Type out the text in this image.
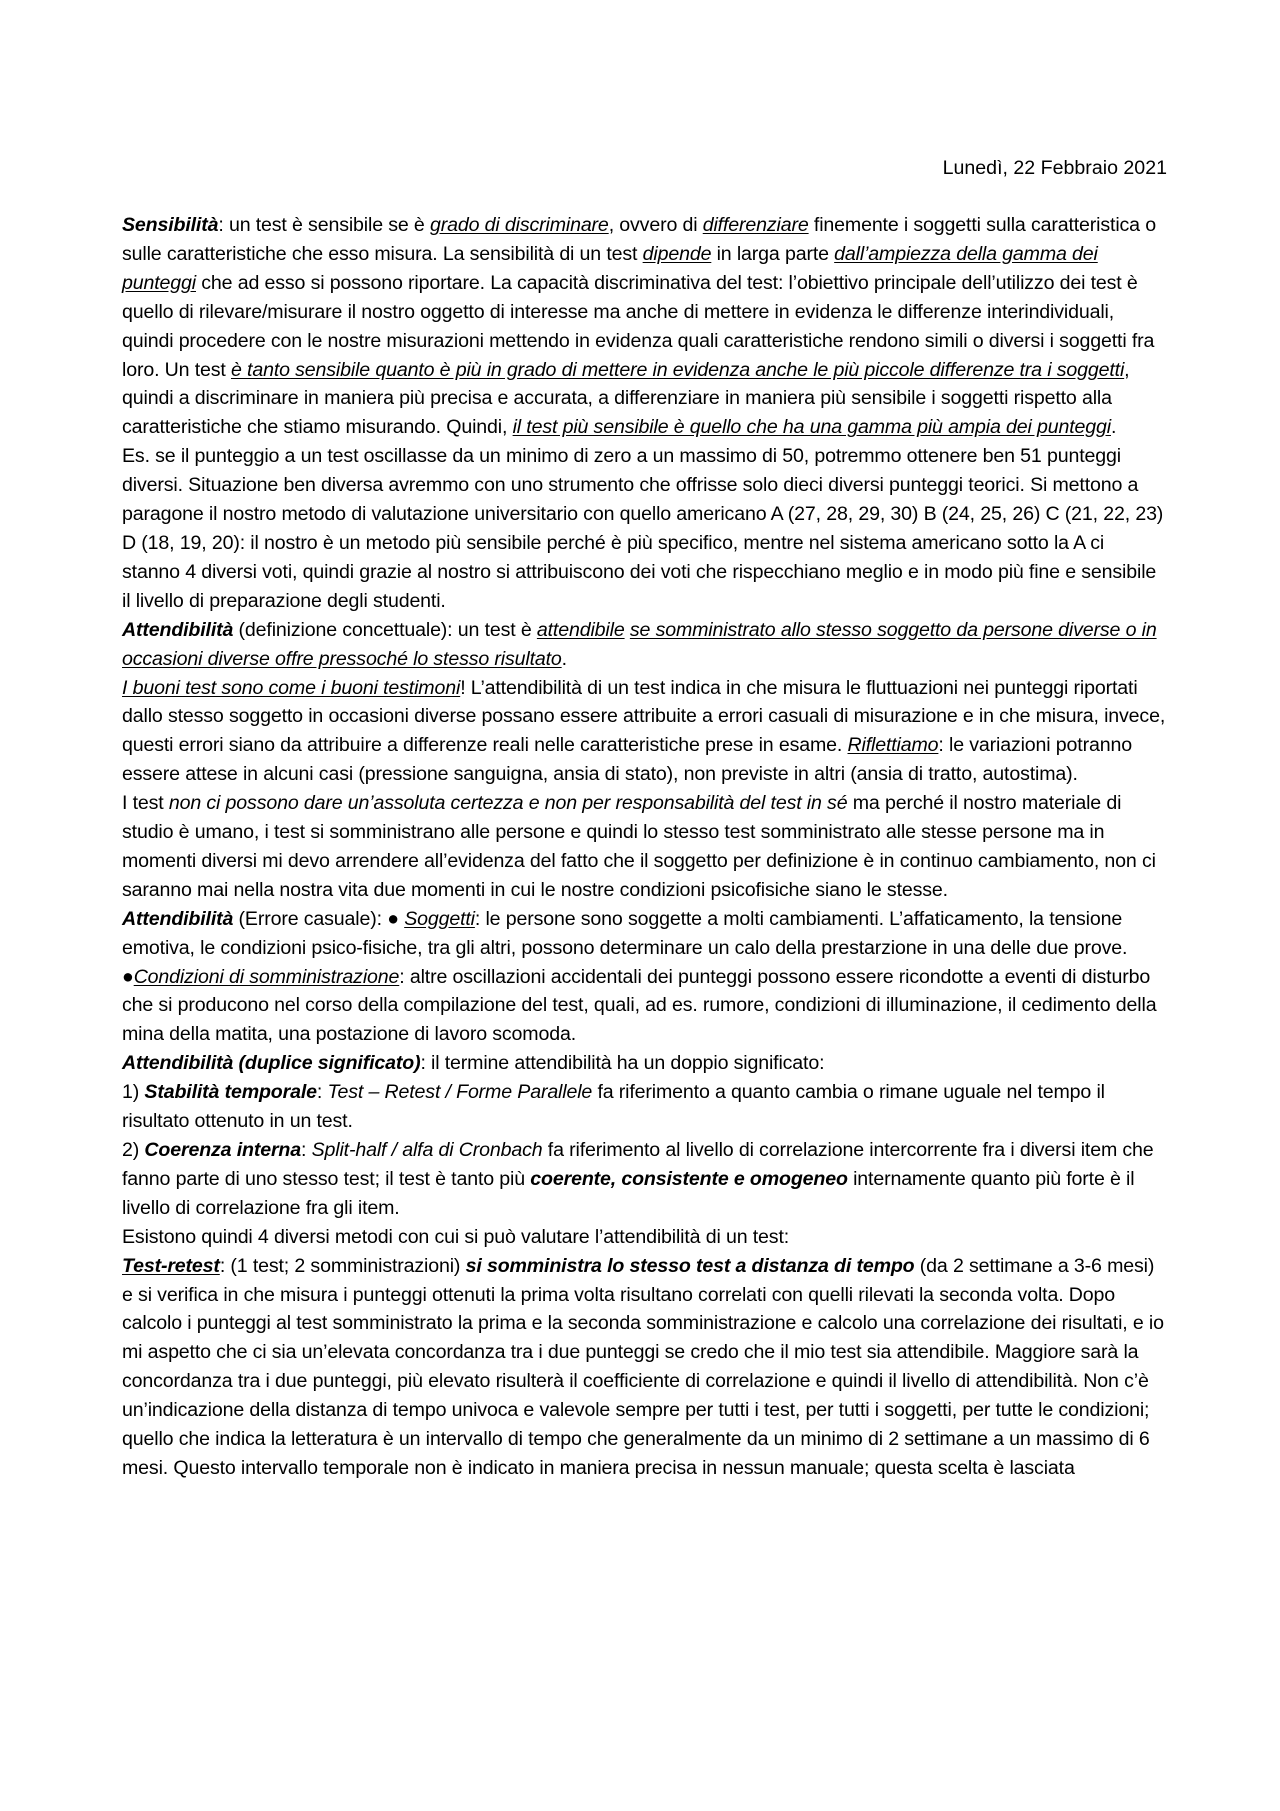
Lunedì, 22 Febbraio 2021

Sensibilità: un test è sensibile se è grado di discriminare, ovvero di differenziare finemente i soggetti sulla caratteristica o sulle caratteristiche che esso misura. La sensibilità di un test dipende in larga parte dall’ampiezza della gamma dei punteggi che ad esso si possono riportare. La capacità discriminativa del test: l’obiettivo principale dell’utilizzo dei test è quello di rilevare/misurare il nostro oggetto di interesse ma anche di mettere in evidenza le differenze interindividuali, quindi procedere con le nostre misurazioni mettendo in evidenza quali caratteristiche rendono simili o diversi i soggetti fra loro. Un test è tanto sensibile quanto è più in grado di mettere in evidenza anche le più piccole differenze tra i soggetti, quindi a discriminare in maniera più precisa e accurata, a differenziare in maniera più sensibile i soggetti rispetto alla caratteristiche che stiamo misurando. Quindi, il test più sensibile è quello che ha una gamma più ampia dei punteggi.

Es. se il punteggio a un test oscillasse da un minimo di zero a un massimo di 50, potremmo ottenere ben 51 punteggi diversi. Situazione ben diversa avremmo con uno strumento che offrisse solo dieci diversi punteggi teorici. Si mettono a paragone il nostro metodo di valutazione universitario con quello americano A (27, 28, 29, 30) B (24, 25, 26) C (21, 22, 23) D (18, 19, 20): il nostro è un metodo più sensibile perché è più specifico, mentre nel sistema americano sotto la A ci stanno 4 diversi voti, quindi grazie al nostro si attribuiscono dei voti che rispecchiano meglio e in modo più fine e sensibile il livello di preparazione degli studenti.

Attendibilità (definizione concettuale): un test è attendibile se somministrato allo stesso soggetto da persone diverse o in occasioni diverse offre pressoché lo stesso risultato.

I buoni test sono come i buoni testimoni! L’attendibilità di un test indica in che misura le fluttuazioni nei punteggi riportati dallo stesso soggetto in occasioni diverse possano essere attribuite a errori casuali di misurazione e in che misura, invece, questi errori siano da attribuire a differenze reali nelle caratteristiche prese in esame. Riflettiamo: le variazioni potranno essere attese in alcuni casi (pressione sanguigna, ansia di stato), non previste in altri (ansia di tratto, autostima).

I test non ci possono dare un’assoluta certezza e non per responsabilità del test in sé ma perché il nostro materiale di studio è umano, i test si somministrano alle persone e quindi lo stesso test somministrato alle stesse persone ma in momenti diversi mi devo arrendere all’evidenza del fatto che il soggetto per definizione è in continuo cambiamento, non ci saranno mai nella nostra vita due momenti in cui le nostre condizioni psicofisiche siano le stesse.

Attendibilità (Errore casuale): ● Soggetti: le persone sono soggette a molti cambiamenti. L’affaticamento, la tensione emotiva, le condizioni psico-fisiche, tra gli altri, possono determinare un calo della prestarzione in una delle due prove.

●Condizioni di somministrazione: altre oscillazioni accidentali dei punteggi possono essere ricondotte a eventi di disturbo che si producono nel corso della compilazione del test, quali, ad es. rumore, condizioni di illuminazione, il cedimento della mina della matita, una postazione di lavoro scomoda.

Attendibilità (duplice significato): il termine attendibilità ha un doppio significato:

1) Stabilità temporale: Test – Retest / Forme Parallele fa riferimento a quanto cambia o rimane uguale nel tempo il risultato ottenuto in un test.

2) Coerenza interna: Split-half / alfa di Cronbach fa riferimento al livello di correlazione intercorrente fra i diversi item che fanno parte di uno stesso test; il test è tanto più coerente, consistente e omogeneo internamente quanto più forte è il livello di correlazione fra gli item.

Esistono quindi 4 diversi metodi con cui si può valutare l’attendibilità di un test:

Test-retest: (1 test; 2 somministrazioni) si somministra lo stesso test a distanza di tempo (da 2 settimane a 3-6 mesi) e si verifica in che misura i punteggi ottenuti la prima volta risultano correlati con quelli rilevati la seconda volta. Dopo calcolo i punteggi al test somministrato la prima e la seconda somministrazione e calcolo una correlazione dei risultati, e io mi aspetto che ci sia un’elevata concordanza tra i due punteggi se credo che il mio test sia attendibile. Maggiore sarà la concordanza tra i due punteggi, più elevato risulterà il coefficiente di correlazione e quindi il livello di attendibilità. Non c’è un’indicazione della distanza di tempo univoca e valevole sempre per tutti i test, per tutti i soggetti, per tutte le condizioni; quello che indica la letteratura è un intervallo di tempo che generalmente da un minimo di 2 settimane a un massimo di 6 mesi. Questo intervallo temporale non è indicato in maniera precisa in nessun manuale; questa scelta è lasciata
